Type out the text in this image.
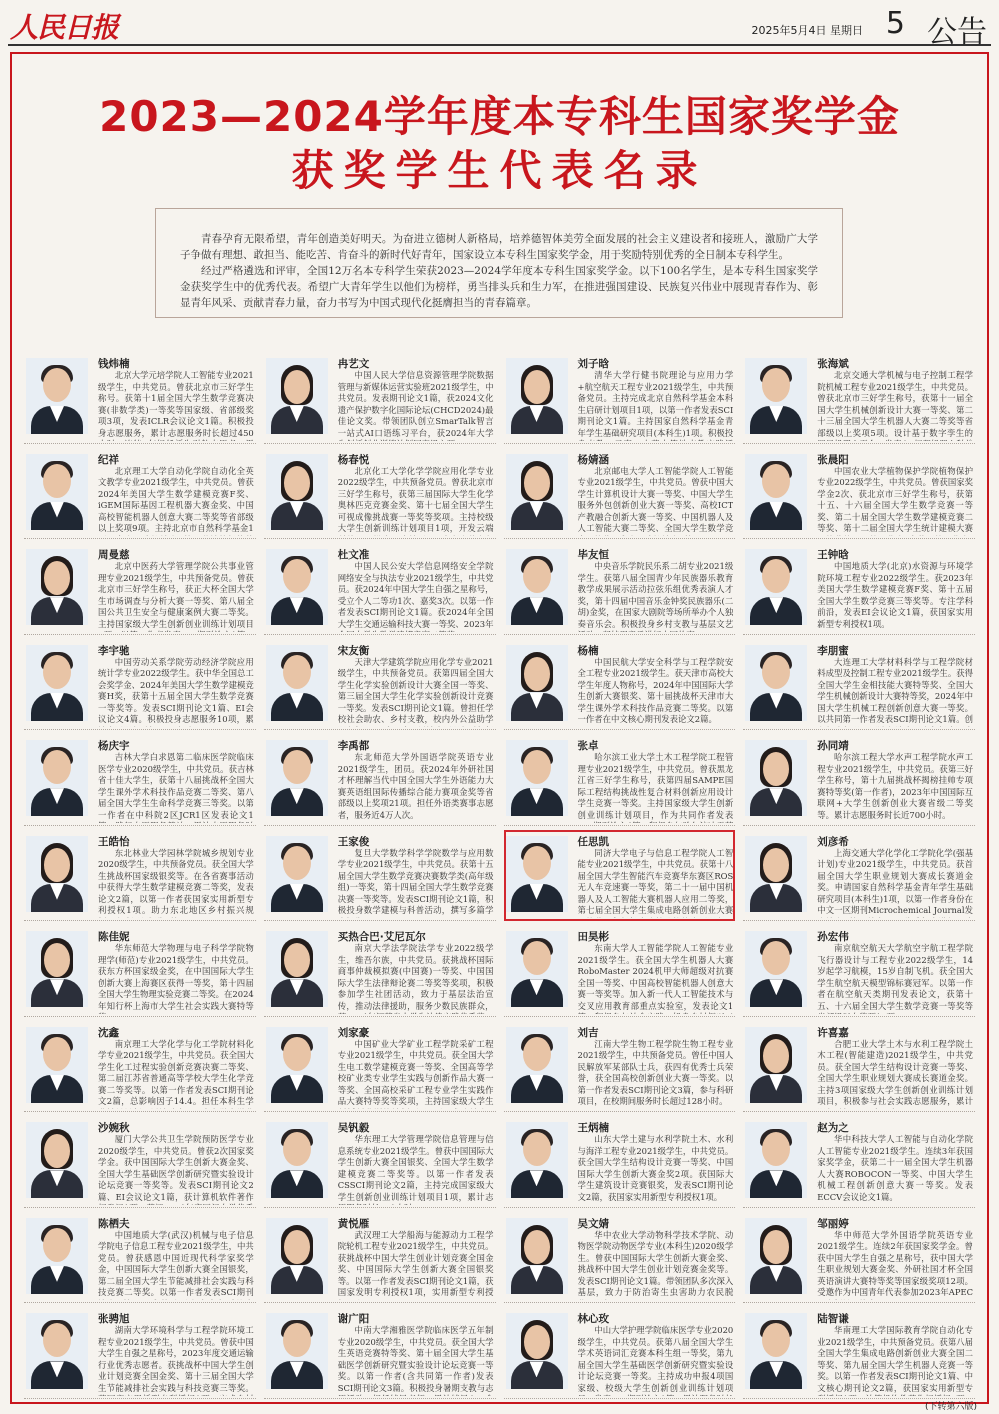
人民日报	2025年5月4日 星期日 5 公告
2023—2024学年度本专科生国家奖学金
获奖学生代表名录

青春孕育无限希望，青年创造美好明天。为奋进立德树人新格局，培养德智体美劳全面发展的社会主义建设者和接班人，激励广大学子争做有理想、敢担当、能吃苦、肯奋斗的新时代好青年，国家设立本专科生国家奖学金，用于奖励特别优秀的全日制本专科学生。

经过严格遴选和评审，全国12万名本专科学生荣获2023—2024学年度本专科生国家奖学金。以下100名学生，是本专科生国家奖学金获奖学生中的优秀代表。希望广大青年学生以他们为榜样，勇当排头兵和生力军，在推进强国建设、民族复兴伟业中展现青春作为、彰显青年风采、贡献青春力量，奋力书写为中国式现代化挺膺担当的青春篇章。

钱炜楠
北京大学元培学院人工智能专业2021级学生，中共党员。曾获北京市三好学生称号。获第十1届全国大学生数学竞赛决赛(非数学类)一等奖等国家级、省部级奖项3项，发表ICLR会议论文1篇。积极投身志愿服务，累计志愿服务时长超过450
冉艺文
中国人民大学信息资源管理学院数据管理与新媒体运营实验班2021级学生，中共党员。发表期刊论文1篇，获2024文化遗产保护数字化国际论坛(CHCD2024)最佳论文奖。带领团队创立SmarTalk智言一站式AI口语练习平台，获2024年大学
刘子晗
清华大学行健书院理论与应用力学+航空航天工程专业2021级学生，中共预备党员。主持完成北京自然科学基金本科生启研计划项目1项，以第一作者发表SCI期刊论文1篇。主持国家自然科学基金青年学生基础研究项目(本科生)1项。积极投
张海斌
北京交通大学机械与电子控制工程学院机械工程专业2021级学生，中共党员。曾获北京市三好学生称号，获第十一届全国大学生机械创新设计大赛一等奖、第二十三届全国大学生机器人大赛二等奖等省部级以上奖项5项。设计基于数字孪生的
纪祥
北京理工大学自动化学院自动化全英文教学专业2021级学生，中共党员。曾获2024年美国大学生数学建模竞赛F奖、iGEM国际基因工程机器大赛金奖、中国高校智能机器人创意大赛二等奖等省部级以上奖项9项。主持北京市自然科学基金1
杨春悦
北京化工大学化学学院应用化学专业2022级学生，中共预备党员。曾获北京市三好学生称号，获第三届国际大学生化学奥林匹克竞赛金奖、第十七届全国大学生可视成像挑战赛一等奖等奖项。主持校级大学生创新训练计划项目1项，开发云端
杨婧涵
北京邮电大学人工智能学院人工智能专业2021级学生，中共党员。曾获中国大学生计算机设计大赛一等奖、中国大学生服务外包创新创业大赛一等奖、高校ICT产教融合创新大赛一等奖、中国机器人及人工智能大赛二等奖、全国大学生数学竞
张晨阳
中国农业大学植物保护学院植物保护专业2022级学生，中共党员。曾获国家奖学金2次、获北京市三好学生称号，获第十五、十六届全国大学生数学竞赛一等奖、第二十届全国大学生数学建模竞赛二等奖、第十二届全国大学生统计建模大赛
周曼慈
北京中医药大学管理学院公共事业管理专业2021级学生，中共预备党员。曾获北京市三好学生称号，获正大杯全国大学生市场调查与分析大赛一等奖、第八届全国公共卫生安全与健康案例大赛二等奖。主持国家级大学生创新创业训练计划项目
杜文准
中国人民公安大学信息网络安全学院网络安全与执法专业2021级学生，中共党员。获2024年中国大学生自强之星称号，受立个人二等功1次、嘉奖3次。以第一作者发表SCI期刊论文1篇。获2024年全国大学生交通运输科技大赛一等奖、2023年
毕友恒
中央音乐学院民乐系二胡专业2021级学生。获第八届全国青少年民族器乐教育教学成果展示活动拉弦乐组优秀表演人才奖，第十四届中国音乐金钟奖民族器乐(二胡)金奖，在国家大剧院等场所举办个人独奏音乐会。积极投身乡村支教与基层文艺
王钟晗
中国地质大学(北京)水资源与环境学院环境工程专业2022级学生。获2023年美国大学生数学建模竞赛F奖、第十五届全国大学生数学竞赛三等奖等。专注学科前沿，发表EI会议论文1篇，获国家实用新型专利授权1项。
李宇驰
中国劳动关系学院劳动经济学院应用统计学专业2022级学生。获中华全国总工会奖学金、2024年美国大学生数学建模竞赛H奖，获第十五届全国大学生数学竞赛一等奖等。发表SCI期刊论文1篇、EI会议论文4篇。积极投身志愿服务10项，累
宋友衡
天津大学建筑学院应用化学专业2021级学生，中共预备党员。获第四届全国大学生化学实验创新设计大赛全国一等奖、第三届全国大学生化学实验创新设计竞赛一等奖。发表SCI期刊论文1篇。曾担任学校社会助农、乡村支教，校内外公益助学
杨楠
中国民航大学安全科学与工程学院安全工程专业2021级学生。获天津市高校大学生年度人物称号，2024年中国国际大学生创新大赛银奖、第十届挑战杯天津市大学生课外学术科技作品竞赛二等奖。以第一作者在中文核心期刊发表论文2篇。
李朋蜜
大连理工大学材料科学与工程学院材料成型及控制工程专业2021级学生。获得全国大学生金相技能大赛特等奖、全国大学生机械创新设计大赛特等奖，2024年中国大学生机械工程创新创意大赛一等奖。以共同第一作者发表SCI期刊论文1篇。创
杨庆宇
吉林大学白求恩第二临床医学院临床医学专业2020级学生，中共党员。获吉林省十佳大学生，获第十八届挑战杯全国大学生课外学术科技作品竞赛二等奖、第八届全国大学生生命科学竞赛三等奖。以第一作者在中科院2区JCR1区发表论文1
李禹都
东北师范大学外国语学院英语专业2021级学生，团员。获2024年外研社国才杯理解当代中国全国大学生外语能力大赛英语组国际传播综合能力赛项金奖等省部级以上奖项21项。担任外语类赛事志愿者，服务近4万人次。
张卓
哈尔滨工业大学土木工程学院工程管理专业2021级学生，中共党员。曾获黑龙江省三好学生称号，获第四届SAMPE国际工程结构挑战性复合材料创新应用设计学生竞赛一等奖。主持国家级大学生创新创业训练计划项目，作为共同作者发表
孙同靖
哈尔滨工程大学水声工程学院水声工程专业2021级学生，中共党员。获第三好学生称号，第十九届挑战杯揭榜挂帅专项赛特等奖(第一作者)，2023年中国国际互联网+大学生创新创业大赛省级二等奖等。累计志愿服务时长近700小时。
王皓怡
东北林业大学园林学院城乡规划专业2020级学生，中共预备党员。获全国大学生挑战杯国家级银奖等。在各省赛事活动中获得大学生数学建模竞赛二等奖，发表论文2篇，以第一作者获国家实用新型专利授权1项。助力东北地区乡村振兴规
王家俊
复旦大学数学科学学院数学与应用数学专业2021级学生，中共党员。获第十五届全国大学生数学竞赛决赛数学类(高年级组)一等奖，第十四届全国大学生数学竞赛决赛一等奖等。发表SCI期刊论文1篇，积极投身数学建模与科普活动，撰写多篇学
任思凯
同济大学电子与信息工程学院人工智能专业2021级学生，中共党员。获第十八届全国大学生智能汽车竞赛华东赛区ROS无人车竞速赛一等奖，第二十一届中国机器人及人工智能大赛机器人应用二等奖，第七届全国大学生集成电路创新创业大赛
刘彦希
上海交通大学化学化工学院化学(强基计划)专业2021级学生，中共党员。获首届全国大学生职业规划大赛成长赛道金奖。申请国家自然科学基金青年学生基础研究项目(本科生)1项，以第一作者身份在中文一区期刊Microchemical Journal发
陈佳妮
华东师范大学物理与电子科学学院物理学(师范)专业2021级学生，中共党员。获东方杯国家级金奖，在中国国际大学生创新大赛上海赛区获得一等奖，第十四届全国大学生物理实验竞赛二等奖。在2024年知行杯上海市大学生社会实践大赛特等
买热合巴·艾尼瓦尔
南京大学法学院法学专业2022级学生，维吾尔族，中共党员。获挑战杯国际商事仲裁模拟赛(中国赛)一等奖、中国国际大学生法律辩论赛二等奖等奖项，积极参加学生社团活动，致力于基层法治宣传，推动法律援助，服务少数民族群众，
田昊彬
东南大学人工智能学院人工智能专业2021级学生。获全国大学生机器人大赛RoboMaster 2024机甲大师超级对抗赛全国一等奖、中国高校智能机器人创意大赛一等奖等。加入新一代人工智能技术与交叉应用教育部重点实验室，发表论文1
孙宏伟
南京航空航天大学航空宇航工程学院飞行器设计与工程专业2022级学生，14岁起学习航模，15岁自制飞机。获全国大学生航空航天模型锦标赛冠军。以第一作者在航空航天类期刊发表论文，获第十五、十六届全国大学生数学竞赛一等奖等
沈鑫
南京理工大学化学与化工学院材料化学专业2021级学生，中共党员。获全国大学生化工过程实验创新竞赛决赛二等奖、第二届江苏省普通高等学校大学生化学竞赛二等奖等。以第一作者发表SCI期刊论文2篇，总影响因子14.4。担任本科生学
刘家豪
中国矿业大学矿业工程学院采矿工程专业2021级学生，中共党员。获全国大学生电工数学建模竞赛一等奖、全国高等学校矿业类专业学生实践与创新作品大赛一等奖、全国高校采矿工程专业学生实践作品大赛特等奖等奖项，主持国家级大学生
刘吉
江南大学生物工程学院生物工程专业2021级学生，中共预备党员。曾任中国人民解放军某部队士兵，获四有优秀士兵荣誉，获全国高校创新创业大赛一等奖。以第一作者发表SCI期刊论文3篇，参与科研项目，在校期间服务时长超过128小时。
许喜嘉
合肥工业大学土木与水利工程学院土木工程(智能建造)2021级学生，中共党员。获全国大学生结构设计竞赛一等奖、全国大学生职业规划大赛成长赛道金奖。主持3项国家级大学生创新创业训练计划项目，积极参与社会实践志愿服务，累计
沙婉秋
厦门大学公共卫生学院预防医学专业2020级学生，中共党员。曾获2次国家奖学金。获中国国际大学生创新大赛金奖、全国大学生基础医学创新研究暨实验设计论坛竞赛一等奖等。发表SCI期刊论文2篇、EI会议论文1篇，获计算机软件著作
吴钒毅
华东理工大学管理学院信息管理与信息系统专业2021级学生。曾获中国国际大学生创新大赛全国银奖、全国大学生数学建模竞赛二等奖等。以第一作者发表CSSCI期刊论文2篇，主持完成国家级大学生创新创业训练计划项目1项，累计志
王炳楠
山东大学土建与水利学院土木、水利与海洋工程专业2021级学生，中共党员。获全国大学生结构设计竞赛一等奖、中国国际大学生创新大赛金奖2项。获国际大学生建筑设计竞赛银奖，发表SCI期刊论文2篇，获国家实用新型专利授权1项。
赵为之
华中科技大学人工智能与自动化学院人工智能专业2021级学生。连续3年获国家奖学金，获第二十一届全国大学生机器人大赛ROBOCON一等奖、中国大学生机械工程创新创意大赛一等奖。发表ECCV会议论文1篇。
陈栖夫
中国地质大学(武汉)机械与电子信息学院电子信息工程专业2021级学生，中共党员。曾获感恩中国近现代科学家奖学金，中国国际大学生创新大赛全国银奖，第二届全国大学生节能减排社会实践与科技竞赛二等奖。以第一作者发表SCI期刊
黄悦雁
武汉理工大学船海与能源动力工程学院轮机工程专业2021级学生，中共党员。获挑战杯中国大学生创业计划竞赛全国金奖、中国国际大学生创新大赛全国银奖等。以第一作者发表SCI期刊论文1篇，获国家发明专利授权1项，实用新型专利授
吴文婧
华中农业大学动物科学技术学院、动物医学院动物医学专业(本科生)2020级学生。曾获中国国际大学生创新大赛金奖、挑战杯中国大学生创业计划竞赛金奖等。发表SCI期刊论文1篇。带领团队多次深入基层，致力于防治寄生虫害助力农民脱
邹丽婷
华中师范大学外国语学院英语专业2021级学生。连续2年获国家奖学金。曾获中国大学生自强之星称号，获中国大学生职业规划大赛金奖、外研社国才杯全国英语演讲大赛特等奖等国家级奖项12项。受邀作为中国青年代表参加2023年APEC
张骋旭
湖南大学环境科学与工程学院环境工程专业2021级学生，中共党员。曾获中国大学生自强之星称号，2023年度交通运输行业优秀志愿者。获挑战杯中国大学生创业计划竞赛全国金奖、第十三届全国大学生节能减排社会实践与科技竞赛三等奖。
谢广阳
中南大学湘雅医学院临床医学五年制专业2020级学生，中共党员。获全国大学生英语竞赛特等奖、第十届全国大学生基础医学创新研究暨实验设计论坛竞赛一等奖。以第一作者(含共同第一作者)发表SCI期刊论文3篇。积极投身暑期支教与志
林心玫
中山大学护理学院临床医学专业2020级学生，中共党员。获第八届全国大学生学术英语词汇竞赛本科生组一等奖，第九届全国大学生基础医学创新研究暨实验设计论坛竞赛一等奖。主持成功申报4项国家级、校级大学生创新创业训练计划项
陆智谦
华南理工大学国际教育学院自动化专业2021级学生，中共预备党员。获第八届全国大学生集成电路创新创业大赛全国二等奖、第九届全国大学生机器人竞赛一等奖。以第一作者发表SCI期刊论文1篇、中文核心期刊论文2篇，获国家实用新型专
(下转第六版)
